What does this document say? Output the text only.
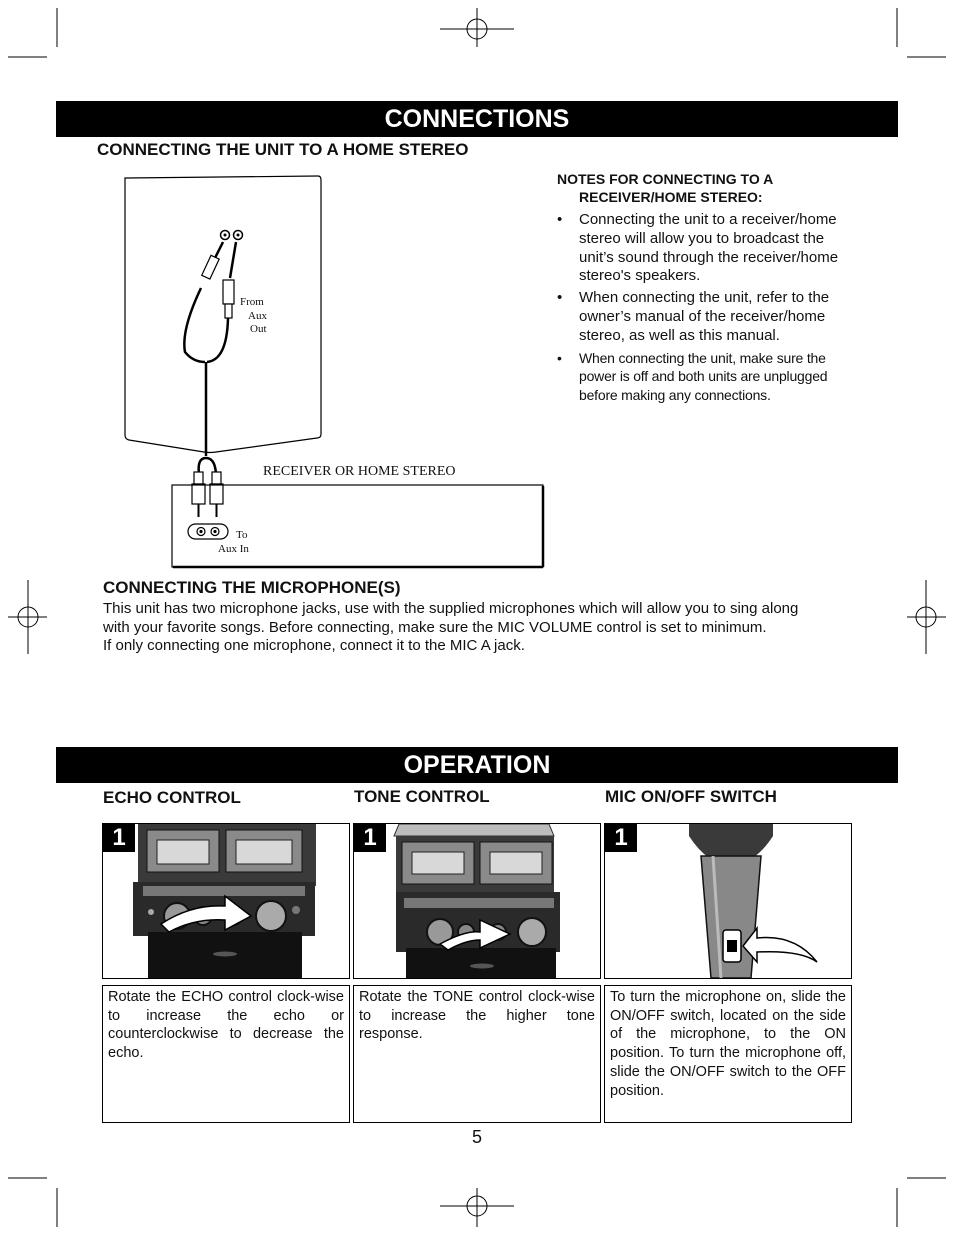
CONNECTIONS
CONNECTING THE UNIT TO A HOME STEREO
From
Aux
Out
RECEIVER OR HOME STEREO
To
Aux In
NOTES FOR CONNECTING TO A
RECEIVER/HOME STEREO:
• Connecting the unit to a receiver/home stereo will allow you to broadcast the unit’s sound through the receiver/home stereo's speakers.
• When connecting the unit, refer to the owner’s manual of the receiver/home stereo, as well as this manual.
• When connecting the unit, make sure the power is off and both units are unplugged before making any connections.
CONNECTING THE MICROPHONE(S)
This unit has two microphone jacks, use with the supplied microphones which will allow you to sing along
with your favorite songs. Before connecting, make sure the MIC VOLUME control is set to minimum.
If only connecting one microphone, connect it to the MIC A jack.
OPERATION
ECHO CONTROL	TONE CONTROL	MIC ON/OFF SWITCH
1	1	1
Rotate the ECHO control clock-wise to increase the echo or counterclockwise to decrease the echo.
Rotate the TONE control clock-wise to increase the higher tone response.
To turn the microphone on, slide the ON/OFF switch, located on the side of the microphone, to the ON position. To turn the microphone off, slide the ON/OFF switch to the OFF position.
5
